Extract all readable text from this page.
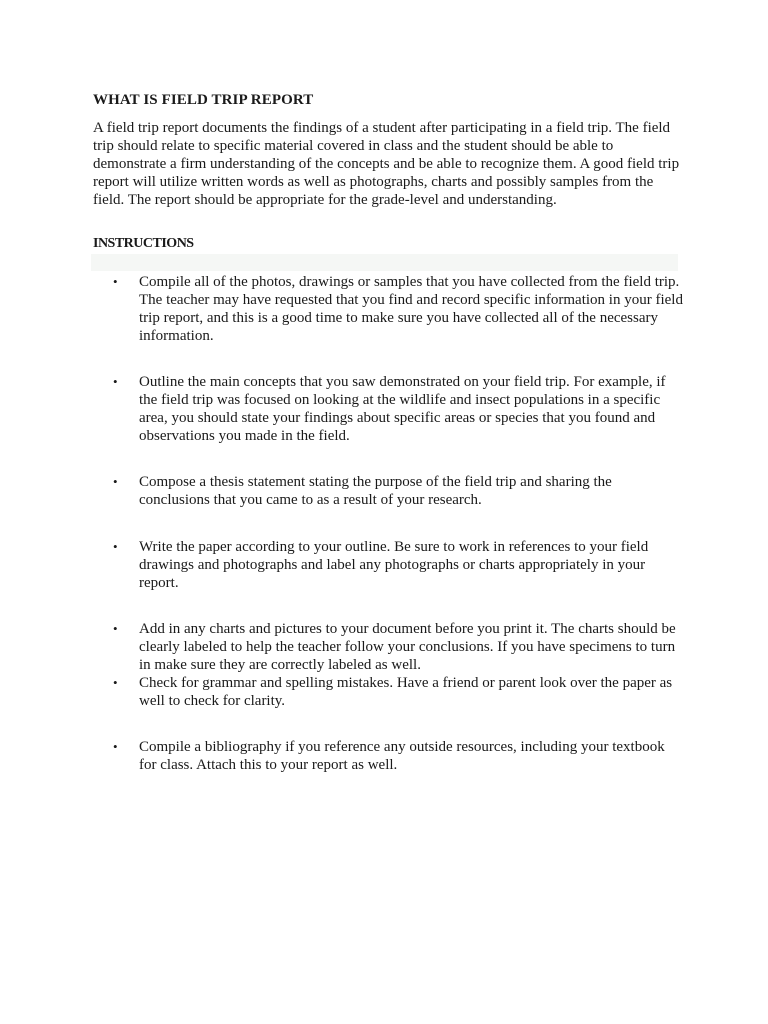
WHAT IS FIELD TRIP REPORT

A field trip report documents the findings of a student after participating in a field trip. The field trip should relate to specific material covered in class and the student should be able to demonstrate a firm understanding of the concepts and be able to recognize them. A good field trip report will utilize written words as well as photographs, charts and possibly samples from the field. The report should be appropriate for the grade-level and understanding.

INSTRUCTIONS
•	Compile all of the photos, drawings or samples that you have collected from the field trip. The teacher may have requested that you find and record specific information in your field trip report, and this is a good time to make sure you have collected all of the necessary information.
•	Outline the main concepts that you saw demonstrated on your field trip. For example, if the field trip was focused on looking at the wildlife and insect populations in a specific area, you should state your findings about specific areas or species that you found and observations you made in the field.
•	Compose a thesis statement stating the purpose of the field trip and sharing the conclusions that you came to as a result of your research.
•	Write the paper according to your outline. Be sure to work in references to your field drawings and photographs and label any photographs or charts appropriately in your report.
•	Add in any charts and pictures to your document before you print it. The charts should be clearly labeled to help the teacher follow your conclusions. If you have specimens to turn in make sure they are correctly labeled as well.
•	Check for grammar and spelling mistakes. Have a friend or parent look over the paper as well to check for clarity.
•	Compile a bibliography if you reference any outside resources, including your textbook for class. Attach this to your report as well.
